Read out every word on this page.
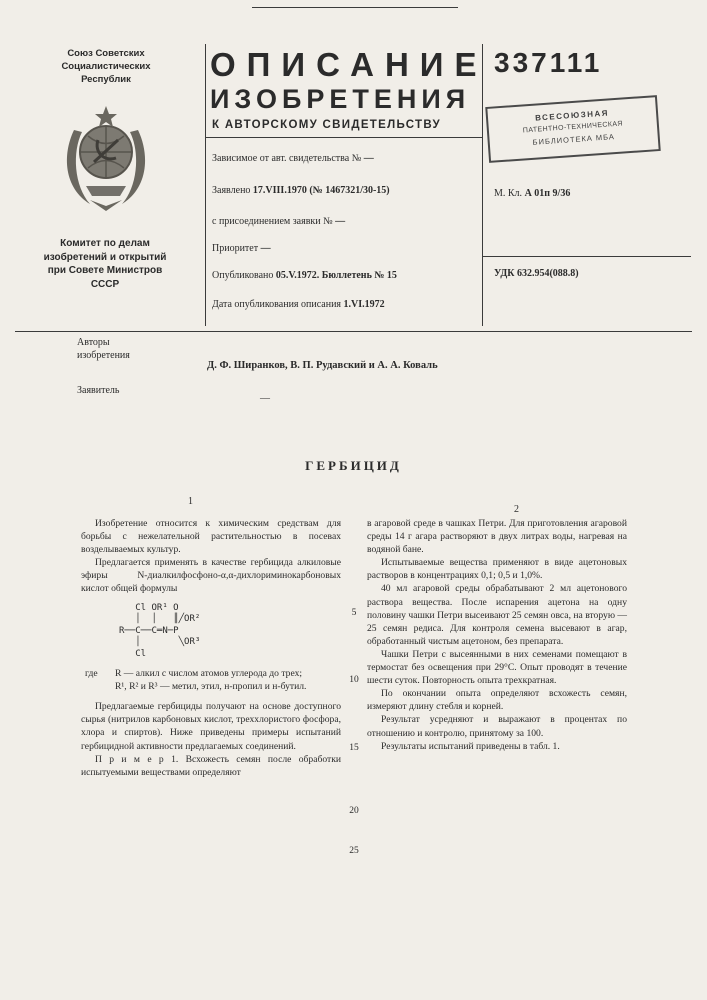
Союз Советских
Социалистических
Республик
Комитет по делам
изобретений и открытий
при Совете Министров
СССР
ОПИСАНИЕ
ИЗОБРЕТЕНИЯ
К АВТОРСКОМУ СВИДЕТЕЛЬСТВУ
337111
ВСЕСОЮЗНАЯ
ПАТЕНТНО-ТЕХНИЧЕСКАЯ
БИБЛИОТЕКА МБА
Зависимое от авт. свидетельства № —
Заявлено 17.VIII.1970 (№ 1467321/30-15)
с присоединением заявки № —
Приоритет —
Опубликовано 05.V.1972. Бюллетень № 15
Дата опубликования описания 1.VI.1972
М. Кл. А 01п 9/36
УДК 632.954(088.8)
Авторы
изобретения
Д. Ф. Ширанков, В. П. Рудавский и А. А. Коваль
Заявитель
—
ГЕРБИЦИД
1
2

Изобретение относится к химическим средствам для борьбы с нежелательной растительностью в посевах возделываемых культур.

Предлагается применять в качестве гербицида алкиловые эфиры N-диалкилфосфоно-α,α-дихлориминокарбоновых кислот общей формулы

Cl OR¹ O
│  │   ║╱OR²
R──C──C═N─P
│       ╲OR³
Cl
где R — алкил с числом атомов углерода до трех;
R¹, R² и R³ — метил, этил, н-пропил и н-бутил.

Предлагаемые гербициды получают на основе доступного сырья (нитрилов карбоновых кислот, треххлористого фосфора, хлора и спиртов). Ниже приведены примеры испытаний гербицидной активности предлагаемых соединений.

П р и м е р 1. Всхожесть семян после обработки испытуемыми веществами определяют

5
10
15
20
25

в агаровой среде в чашках Петри. Для приготовления агаровой среды 14 г агара растворяют в двух литрах воды, нагревая на водяной бане.

Испытываемые вещества применяют в виде ацетоновых растворов в концентрациях 0,1; 0,5 и 1,0%.

40 мл агаровой среды обрабатывают 2 мл ацетонового раствора вещества. После испарения ацетона на одну половину чашки Петри высеивают 25 семян овса, на вторую — 25 семян редиса. Для контроля семена высевают в агар, обработанный чистым ацетоном, без препарата.

Чашки Петри с высеянными в них семенами помещают в термостат без освещения при 29°С. Опыт проводят в течение шести суток. Повторность опыта трехкратная.

По окончании опыта определяют всхожесть семян, измеряют длину стебля и корней.

Результат усредняют и выражают в процентах по отношению и контролю, принятому за 100.

Результаты испытаний приведены в табл. 1.
